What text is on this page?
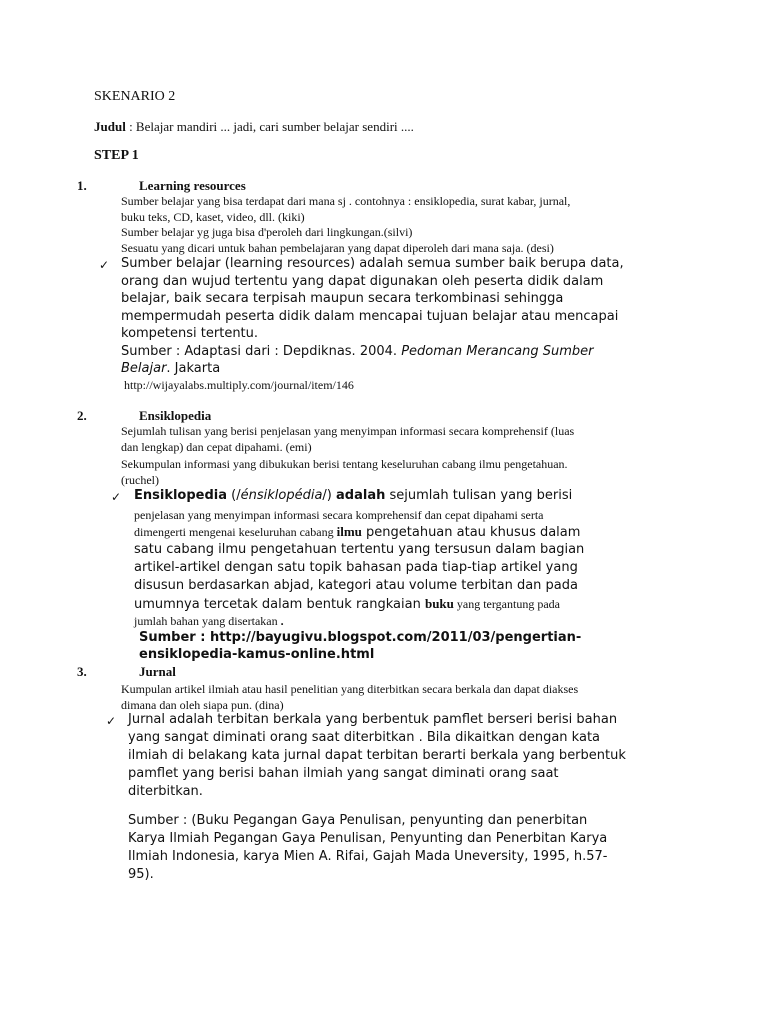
SKENARIO 2
Judul : Belajar mandiri ... jadi, cari sumber belajar sendiri ....
STEP 1
1.	Learning resources
Sumber belajar yang bisa terdapat dari mana sj . contohnya : ensiklopedia, surat kabar, jurnal,
buku teks, CD, kaset, video, dll. (kiki)
Sumber belajar yg juga bisa d'peroleh dari lingkungan.(silvi)
Sesuatu yang dicari untuk bahan pembelajaran yang dapat diperoleh dari mana saja. (desi)
✓ Sumber belajar (learning resources) adalah semua sumber baik berupa data,
orang dan wujud tertentu yang dapat digunakan oleh peserta didik dalam
belajar, baik secara terpisah maupun secara terkombinasi sehingga
mempermudah peserta didik dalam mencapai tujuan belajar atau mencapai
kompetensi tertentu.
Sumber : Adaptasi dari : Depdiknas. 2004. Pedoman Merancang Sumber
Belajar. Jakarta
http://wijayalabs.multiply.com/journal/item/146
2.	Ensiklopedia
Sejumlah tulisan yang berisi penjelasan yang menyimpan informasi secara komprehensif (luas
dan lengkap) dan cepat dipahami. (emi)
Sekumpulan informasi yang dibukukan berisi tentang keseluruhan cabang ilmu pengetahuan.
(ruchel)
✓ Ensiklopedia (/énsiklopédia/) adalah sejumlah tulisan yang berisi
penjelasan yang menyimpan informasi secara komprehensif dan cepat dipahami serta
dimengerti mengenai keseluruhan cabang ilmu pengetahuan atau khusus dalam
satu cabang ilmu pengetahuan tertentu yang tersusun dalam bagian
artikel-artikel dengan satu topik bahasan pada tiap-tiap artikel yang
disusun berdasarkan abjad, kategori atau volume terbitan dan pada
umumnya tercetak dalam bentuk rangkaian buku yang tergantung pada
jumlah bahan yang disertakan .
Sumber : http://bayugivu.blogspot.com/2011/03/pengertian-
ensiklopedia-kamus-online.html
3.	Jurnal
Kumpulan artikel ilmiah atau hasil penelitian yang diterbitkan secara berkala dan dapat diakses
dimana dan oleh siapa pun. (dina)
✓ Jurnal adalah terbitan berkala yang berbentuk pamflet berseri berisi bahan
yang sangat diminati orang saat diterbitkan . Bila dikaitkan dengan kata
ilmiah di belakang kata jurnal dapat terbitan berarti berkala yang berbentuk
pamflet yang berisi bahan ilmiah yang sangat diminati orang saat
diterbitkan.
Sumber : (Buku Pegangan Gaya Penulisan, penyunting dan penerbitan
Karya Ilmiah Pegangan Gaya Penulisan, Penyunting dan Penerbitan Karya
Ilmiah Indonesia, karya Mien A. Rifai, Gajah Mada Uneversity, 1995, h.57-
95).
